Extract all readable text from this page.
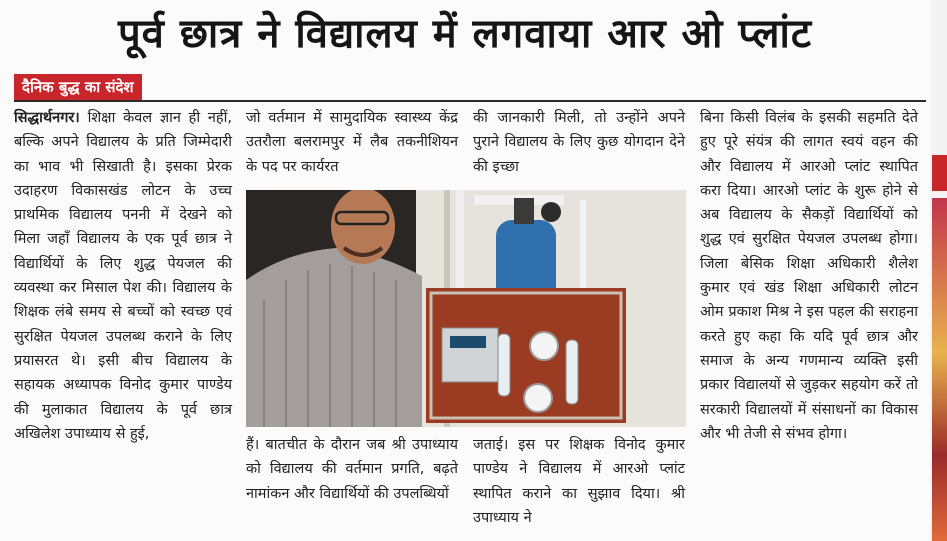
पूर्व छात्र ने विद्यालय में लगवाया आर ओ प्लांट
दैनिक बुद्ध का संदेश

सिद्धार्थनगर। शिक्षा केवल ज्ञान ही नहीं, बल्कि अपने विद्यालय के प्रति जिम्मेदारी का भाव भी सिखाती है। इसका प्रेरक उदाहरण विकासखंड लोटन के उच्च प्राथमिक विद्यालय पननी में देखने को मिला जहाँ विद्यालय के एक पूर्व छात्र ने विद्यार्थियों के लिए शुद्ध पेयजल की व्यवस्था कर मिसाल पेश की। विद्यालय के शिक्षक लंबे समय से बच्चों को स्वच्छ एवं सुरक्षित पेयजल उपलब्ध कराने के लिए प्रयासरत थे। इसी बीच विद्यालय के सहायक अध्यापक विनोद कुमार पाण्डेय की मुलाकात विद्यालय के पूर्व छात्र अखिलेश उपाध्याय से हुई,

जो वर्तमान में सामुदायिक स्वास्थ्य केंद्र उतरौला बलरामपुर में लैब तकनीशियन के पद पर कार्यरत

की जानकारी मिली, तो उन्होंने अपने पुराने विद्यालय के लिए कुछ योगदान देने की इच्छा

हैं। बातचीत के दौरान जब श्री उपाध्याय को विद्यालय की वर्तमान प्रगति, बढ़ते नामांकन और विद्यार्थियों की उपलब्धियों

जताई। इस पर शिक्षक विनोद कुमार पाण्डेय ने विद्यालय में आरओ प्लांट स्थापित कराने का सुझाव दिया। श्री उपाध्याय ने

बिना किसी विलंब के इसकी सहमति देते हुए पूरे संयंत्र की लागत स्वयं वहन की और विद्यालय में आरओ प्लांट स्थापित करा दिया। आरओ प्लांट के शुरू होने से अब विद्यालय के सैकड़ों विद्यार्थियों को शुद्ध एवं सुरक्षित पेयजल उपलब्ध होगा। जिला बेसिक शिक्षा अधिकारी शैलेश कुमार एवं खंड शिक्षा अधिकारी लोटन ओम प्रकाश मिश्र ने इस पहल की सराहना करते हुए कहा कि यदि पूर्व छात्र और समाज के अन्य गणमान्य व्यक्ति इसी प्रकार विद्यालयों से जुड़कर सहयोग करें तो सरकारी विद्यालयों में संसाधनों का विकास और भी तेजी से संभव होगा।
